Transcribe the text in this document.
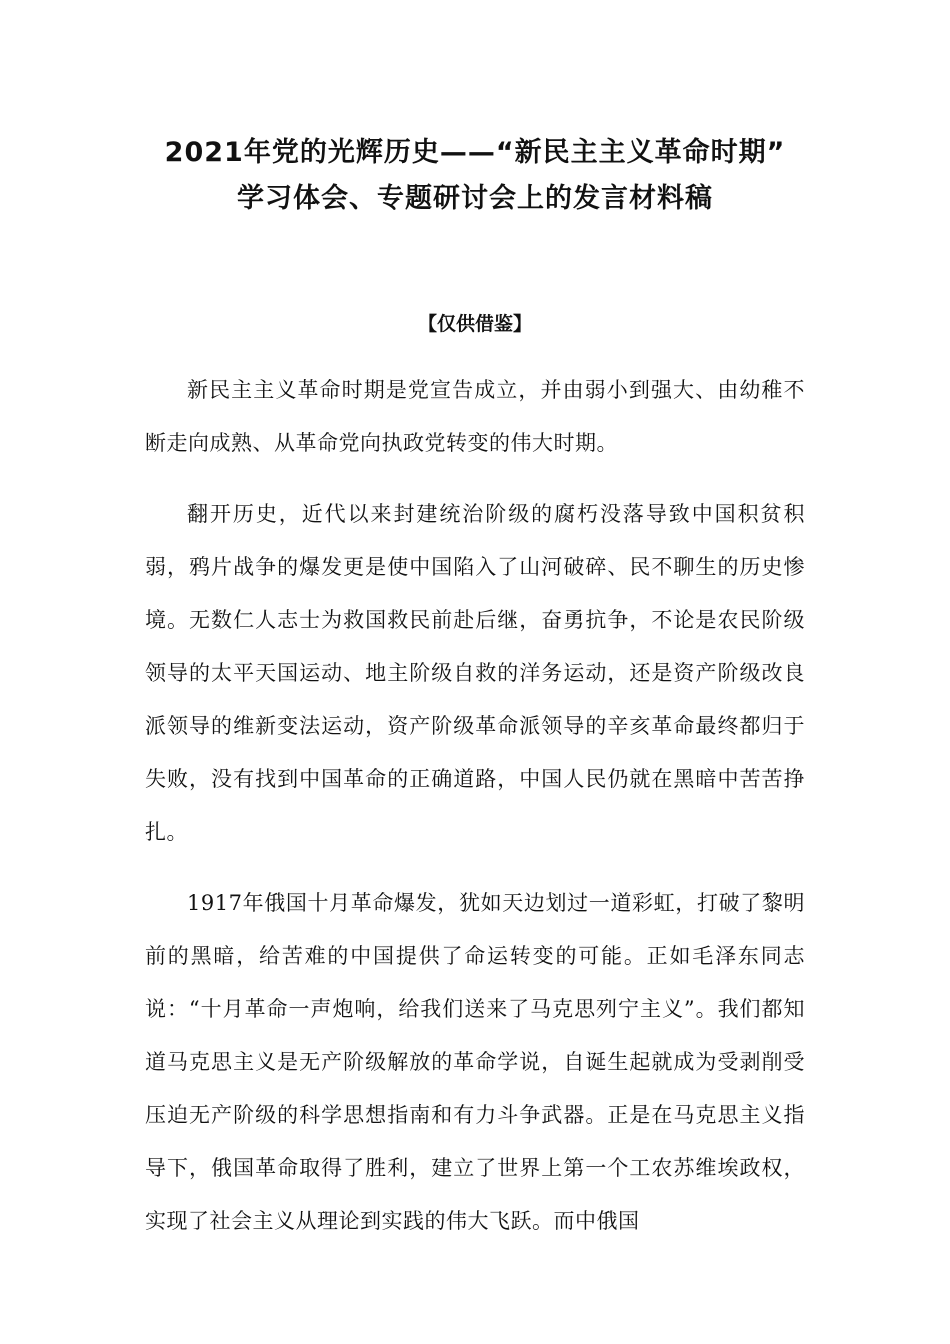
2021年党的光辉历史——“新民主主义革命时期”
学习体会、专题研讨会上的发言材料稿

【仅供借鉴】

新民主主义革命时期是党宣告成立，并由弱小到强大、由幼稚不断走向成熟、从革命党向执政党转变的伟大时期。

翻开历史，近代以来封建统治阶级的腐朽没落导致中国积贫积弱，鸦片战争的爆发更是使中国陷入了山河破碎、民不聊生的历史惨境。无数仁人志士为救国救民前赴后继，奋勇抗争，不论是农民阶级领导的太平天国运动、地主阶级自救的洋务运动，还是资产阶级改良派领导的维新变法运动，资产阶级革命派领导的辛亥革命最终都归于失败，没有找到中国革命的正确道路，中国人民仍就在黑暗中苦苦挣扎。

1917年俄国十月革命爆发，犹如天边划过一道彩虹，打破了黎明前的黑暗，给苦难的中国提供了命运转变的可能。正如毛泽东同志说：“十月革命一声炮响，给我们送来了马克思列宁主义”。我们都知道马克思主义是无产阶级解放的革命学说，自诞生起就成为受剥削受压迫无产阶级的科学思想指南和有力斗争武器。正是在马克思主义指导下，俄国革命取得了胜利，建立了世界上第一个工农苏维埃政权，实现了社会主义从理论到实践的伟大飞跃。而中俄国
